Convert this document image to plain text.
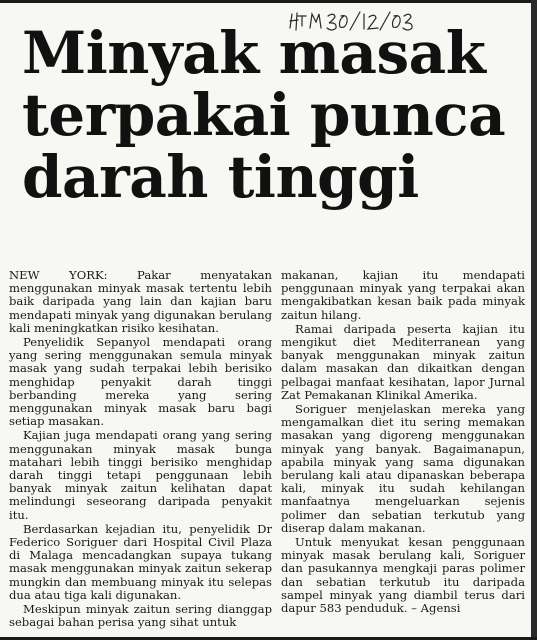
Minyak masak terpakai punca darah tinggi

NEW YORK: Pakar menyatakan menggunakan minyak masak tertentu lebih baik daripada yang lain dan kajian baru mendapati minyak yang digunakan berulang kali meningkatkan risiko kesihatan.

Penyelidik Sepanyol mendapati orang yang sering menggunakan semula minyak masak yang sudah terpakai lebih berisiko menghidap penyakit darah tinggi berbanding mereka yang sering menggunakan minyak masak baru bagi setiap masakan.

Kajian juga mendapati orang yang sering menggunakan minyak masak bunga matahari lebih tinggi berisiko menghidap darah tinggi tetapi penggunaan lebih banyak minyak zaitun kelihatan dapat melindungi seseorang daripada penyakit itu.

Berdasarkan kejadian itu, penyelidik Dr Federico Soriguer dari Hospital Civil Plaza di Malaga mencadangkan supaya tukang masak menggunakan minyak zaitun sekerap mungkin dan membuang minyak itu selepas dua atau tiga kali digunakan.

Meskipun minyak zaitun sering dianggap sebagai bahan perisa yang sihat untuk

makanan, kajian itu mendapati penggunaan minyak yang terpakai akan mengakibatkan kesan baik pada minyak zaitun hilang.

Ramai daripada peserta kajian itu mengikut diet Mediterranean yang banyak menggunakan minyak zaitun dalam masakan dan dikaitkan dengan pelbagai manfaat kesihatan, lapor Jurnal Zat Pemakanan Klinikal Amerika.

Soriguer menjelaskan mereka yang mengamalkan diet itu sering memakan masakan yang digoreng menggunakan minyak yang banyak. Bagaimanapun, apabila minyak yang sama digunakan berulang kali atau dipanaskan beberapa kali, minyak itu sudah kehilangan manfaatnya mengeluarkan sejenis polimer dan sebatian terkutub yang diserap dalam makanan.

Untuk menyukat kesan penggunaan minyak masak berulang kali, Soriguer dan pasukannya mengkaji paras polimer dan sebatian terkutub itu daripada sampel minyak yang diambil terus dari dapur 583 penduduk. – Agensi
